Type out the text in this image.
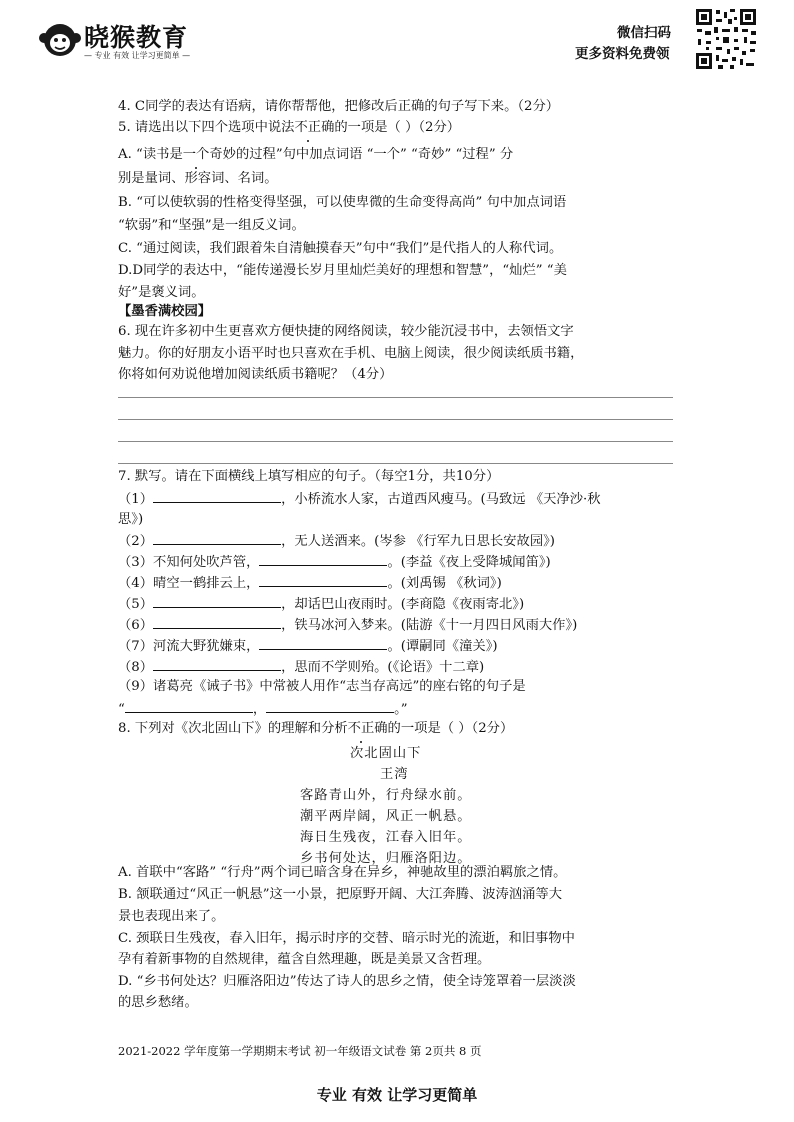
晓猴教育
— 专业 有效 让学习更简单 —
微信扫码
更多资料免费领
4. C同学的表达有语病，请你帮帮他，把修改后正确的句子写下来。（2分）
5. 请选出以下四个选项中说法不正确的一项是（ ）（2分）
A. “读书是一个奇妙的过程”句中加点词语 “一个” “奇妙” “过程” 分
别是量词、形容词、名词。
B. “可以使软弱的性格变得坚强，可以使卑微的生命变得高尚” 句中加点词语
“软弱”和“坚强”是一组反义词。
C. “通过阅读，我们跟着朱自清触摸春天”句中“我们”是代指人的人称代词。
D.D同学的表达中，“能传递漫长岁月里灿烂美好的理想和智慧”，“灿烂” “美
好”是褒义词。
【墨香满校园】
6. 现在许多初中生更喜欢方便快捷的网络阅读，较少能沉浸书中，去领悟文字
魅力。你的好朋友小语平时也只喜欢在手机、电脑上阅读，很少阅读纸质书籍，
你将如何劝说他增加阅读纸质书籍呢？（4分）
7. 默写。请在下面横线上填写相应的句子。（每空1分，共10分）
（1）	，小桥流水人家，古道西风瘦马。(马致远 《天净沙·秋
思》)
（2）	，无人送酒来。(岑参 《行军九日思长安故园》)
（3）不知何处吹芦管，	。(李益《夜上受降城闻笛》)
（4）晴空一鹤排云上，	。(刘禹锡 《秋词》)
（5）	，却话巴山夜雨时。(李商隐《夜雨寄北》)
（6）	，铁马冰河入梦来。(陆游《十一月四日风雨大作》)
（7）河流大野犹嫌束，	。(谭嗣同《潼关》)
（8）	，思而不学则殆。(《论语》十二章)
（9）诸葛亮《诫子书》中常被人用作“志当存高远”的座右铭的句子是
“	，	。”
8. 下列对《次北固山下》的理解和分析不正确的一项是（ ）（2分）
A. 首联中“客路” “行舟”两个词已暗含身在异乡，神驰故里的漂泊羁旅之情。
B. 颔联通过“风正一帆悬”这一小景，把原野开阔、大江奔腾、波涛汹涌等大
景也表现出来了。
C. 颈联日生残夜，春入旧年，揭示时序的交替、暗示时光的流逝，和旧事物中
孕有着新事物的自然规律，蕴含自然理趣，既是美景又含哲理。
D. “乡书何处达？归雁洛阳边”传达了诗人的思乡之情，使全诗笼罩着一层淡淡
的思乡愁绪。
次北固山下
王湾
客路青山外，行舟绿水前。
潮平两岸阔，风正一帆悬。
海日生残夜，江春入旧年。
乡书何处达，归雁洛阳边。
2021-2022 学年度第一学期期末考试 初一年级语文试卷 第 2页共 8 页
专业 有效 让学习更简单
